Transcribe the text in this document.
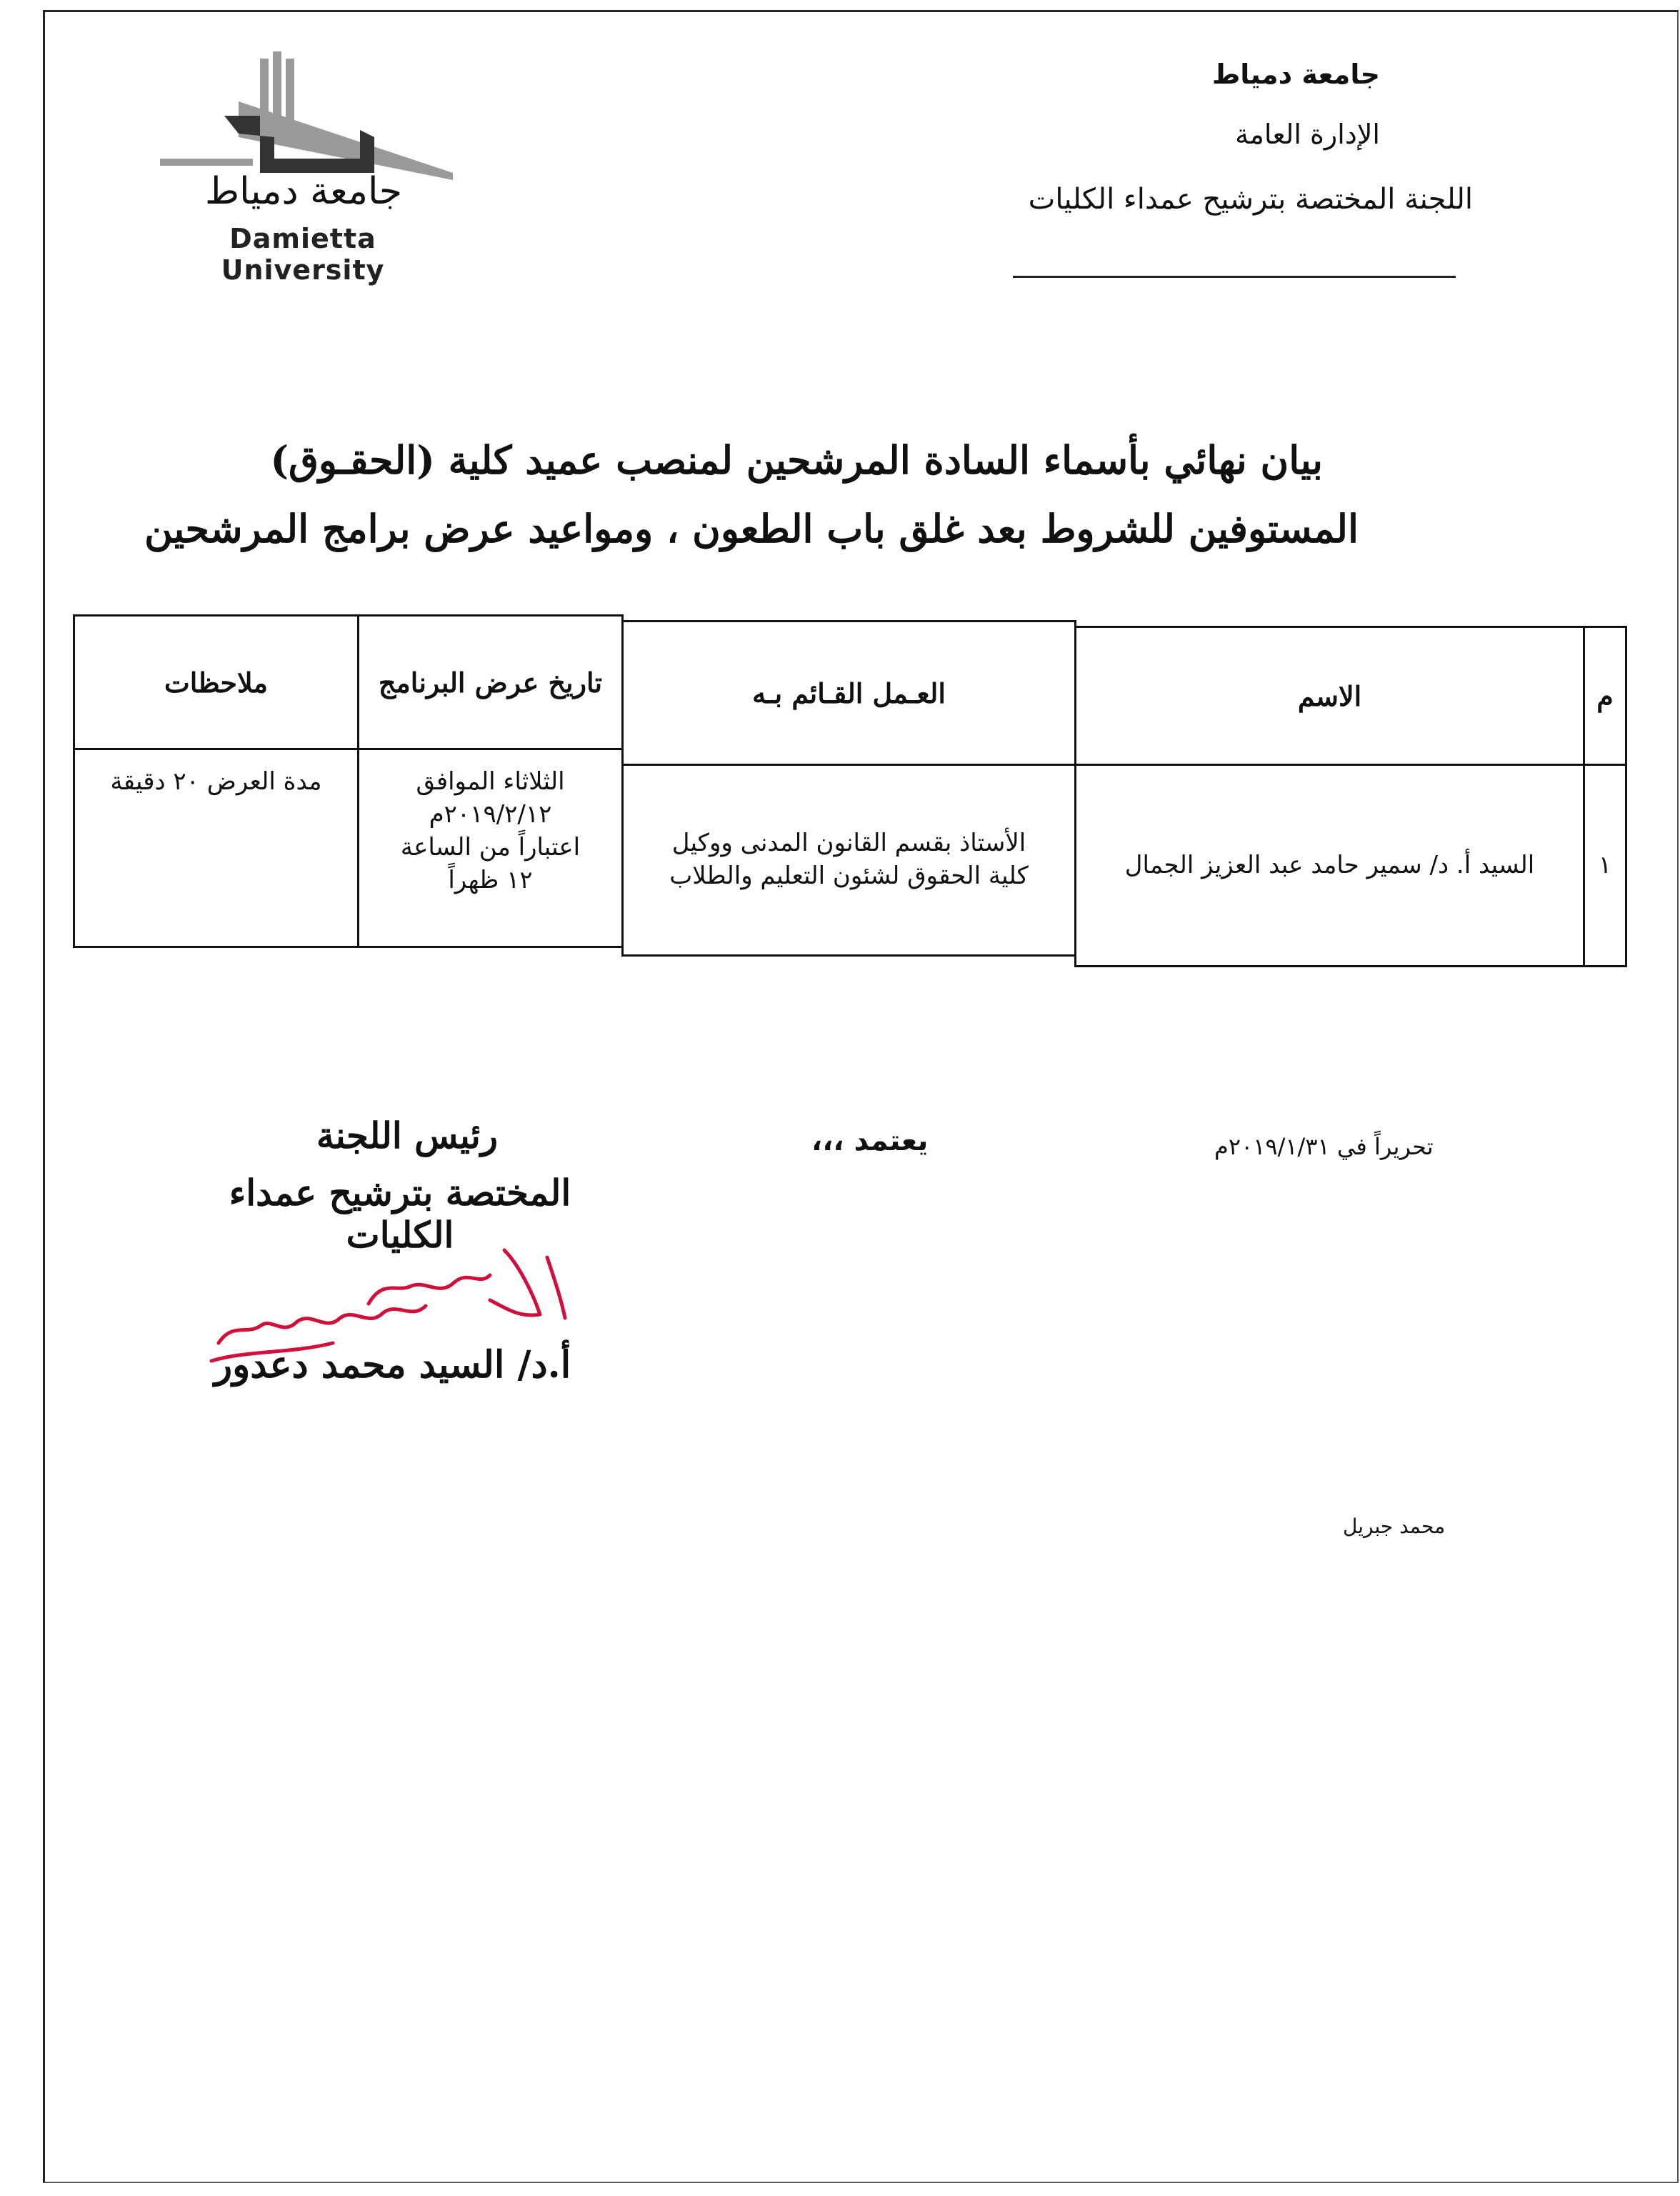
جامعة دمياط
Damietta University
جامعة دمياط
الإدارة العامة
اللجنة المختصة بترشيح عمداء الكليات
بيان نهائي بأسماء السادة المرشحين لمنصب عميد كلية (الحقـوق)
المستوفين للشروط بعد غلق باب الطعون ، ومواعيد عرض برامج المرشحين
م
الاسم
العـمل القـائم بـه
تاريخ عرض البرنامج
ملاحظات
١
السيد أ. د/ سمير حامد عبد العزيز الجمال
الأستاذ بقسم القانون المدنى ووكيل
كلية الحقوق لشئون التعليم والطلاب
الثلاثاء الموافق
٢٠١٩/٢/١٢م
اعتباراً من الساعة
١٢ ظهراً
مدة العرض ٢٠ دقيقة
تحريراً في ٢٠١٩/١/٣١م
يعتمد ،،،
رئيس اللجنة
المختصة بترشيح عمداء الكليات
أ.د/ السيد محمد دعدور
محمد جبريل
